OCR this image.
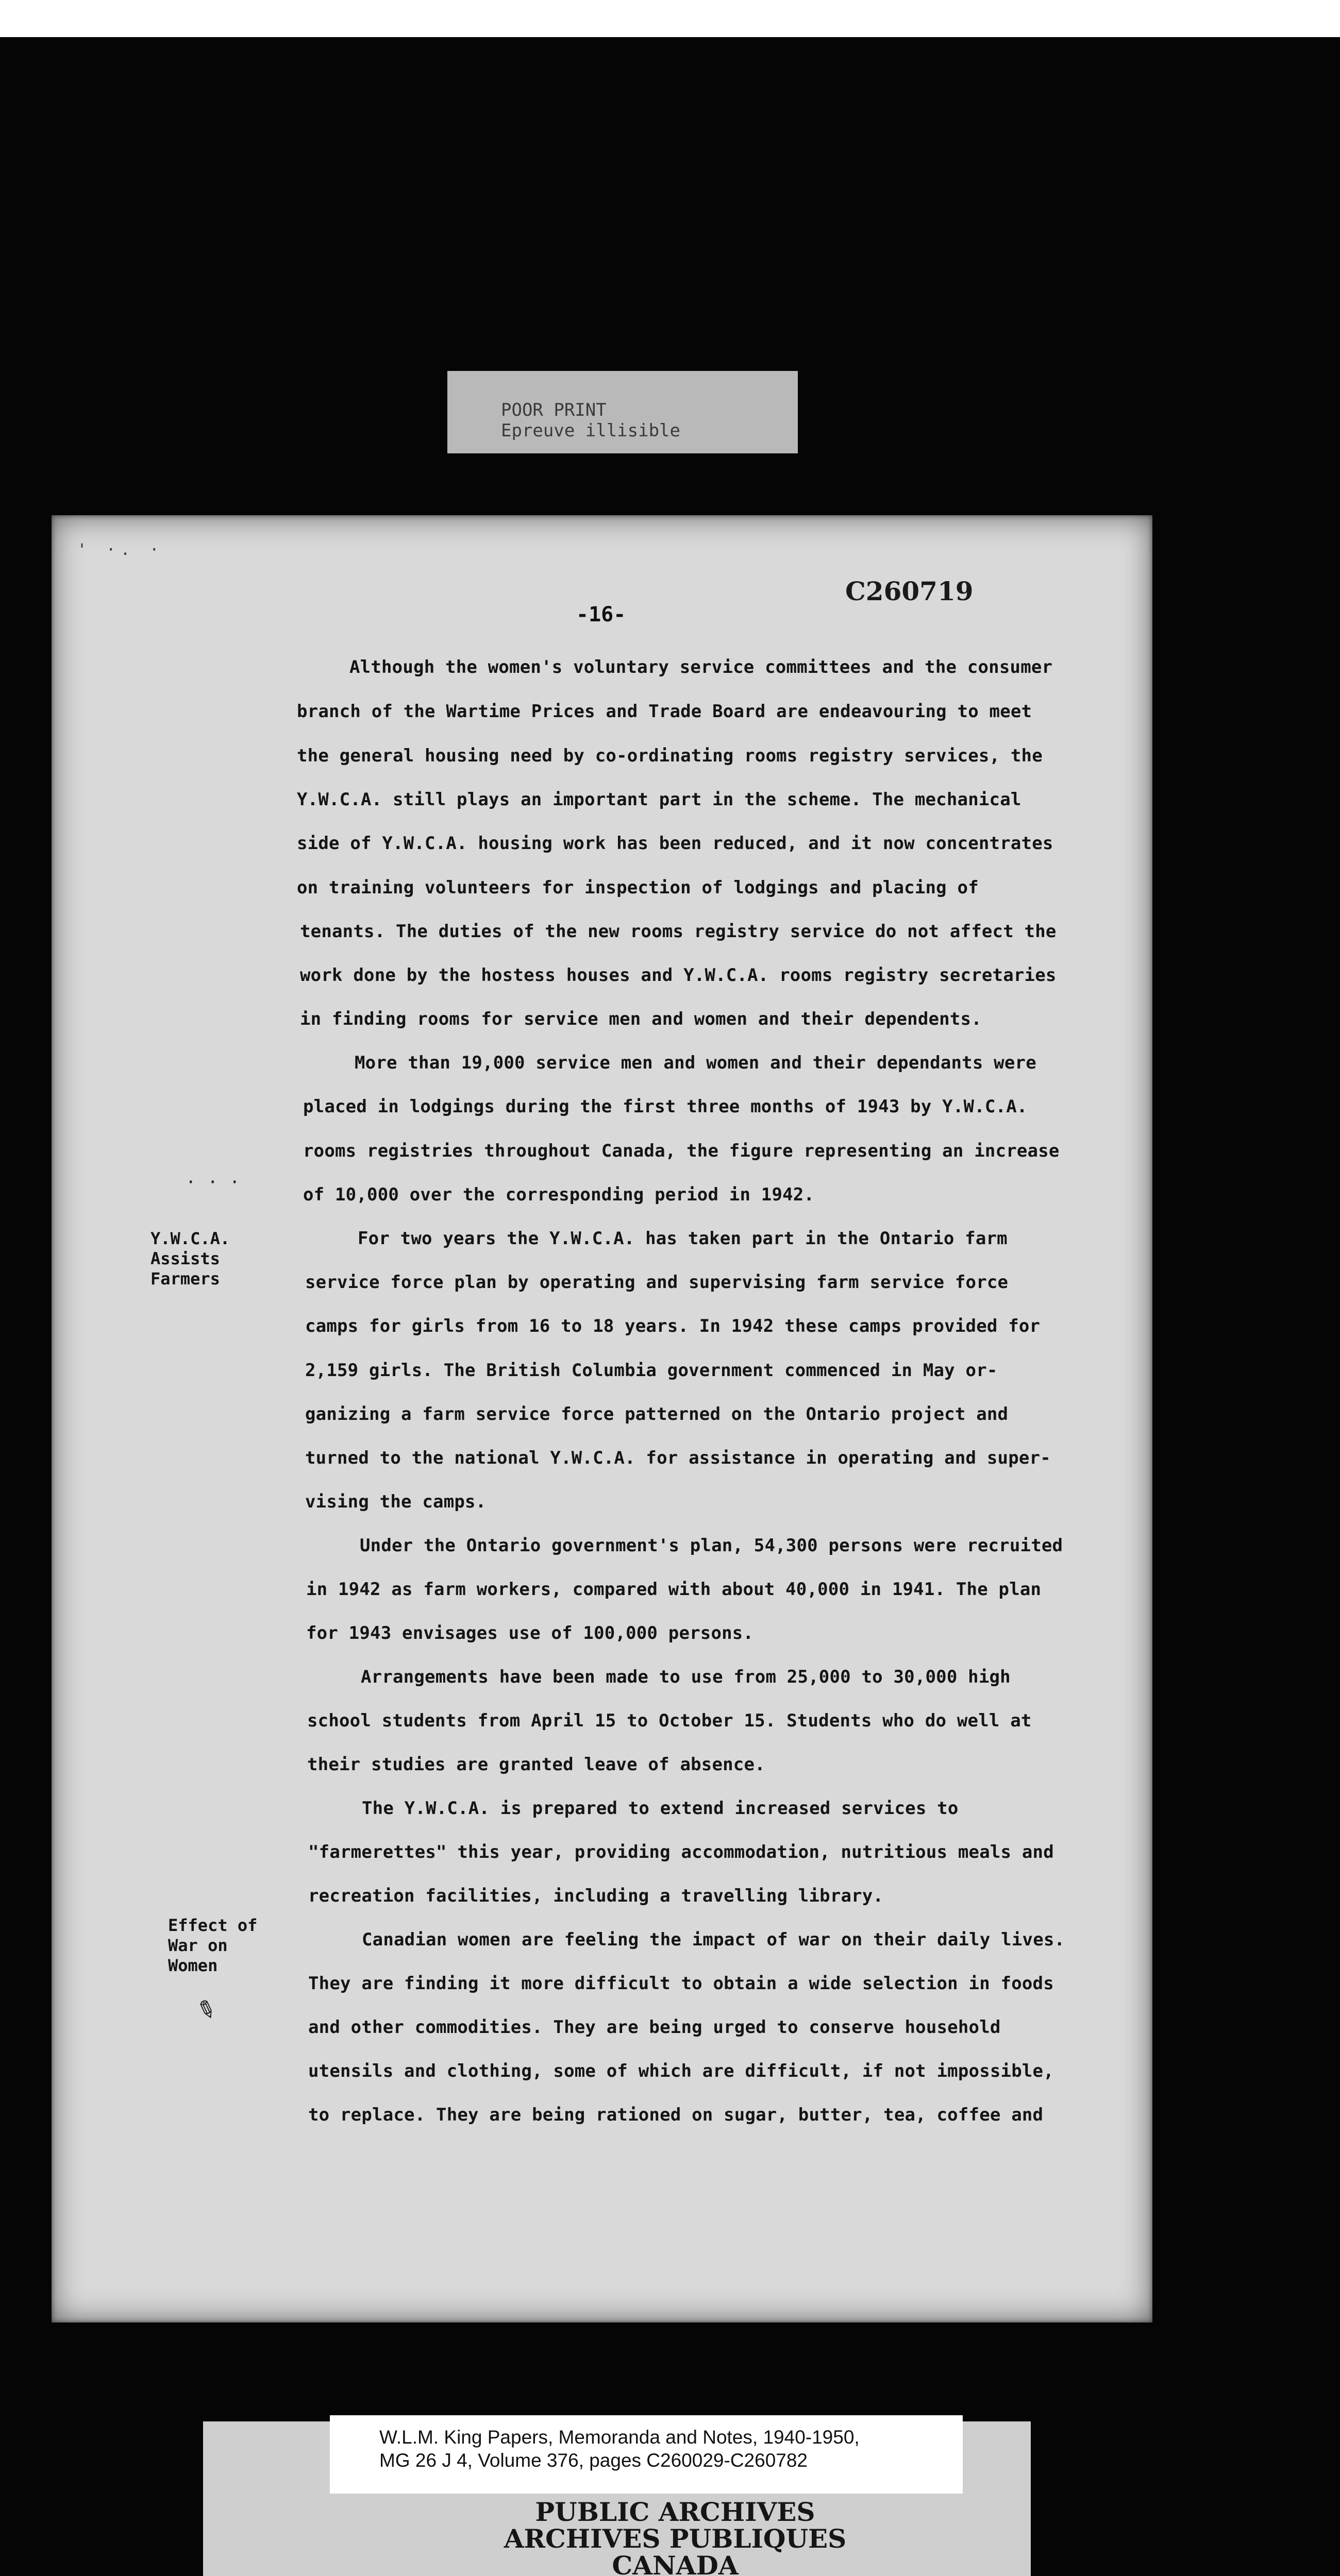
POOR PRINT
Epreuve illisible
' ·. ·
C260719
-16-
···
Y.W.C.A.
Assists
Farmers
Effect of
War on
Women
✎
Although the women's voluntary service committees and the consumer
branch of the Wartime Prices and Trade Board are endeavouring to meet
the general housing need by co-ordinating rooms registry services, the
Y.W.C.A. still plays an important part in the scheme. The mechanical
side of Y.W.C.A. housing work has been reduced, and it now concentrates
on training volunteers for inspection of lodgings and placing of
tenants. The duties of the new rooms registry service do not affect the
work done by the hostess houses and Y.W.C.A. rooms registry secretaries
in finding rooms for service men and women and their dependents.
More than 19,000 service men and women and their dependants were
placed in lodgings during the first three months of 1943 by Y.W.C.A.
rooms registries throughout Canada, the figure representing an increase
of 10,000 over the corresponding period in 1942.
For two years the Y.W.C.A. has taken part in the Ontario farm
service force plan by operating and supervising farm service force
camps for girls from 16 to 18 years. In 1942 these camps provided for
2,159 girls. The British Columbia government commenced in May or-
ganizing a farm service force patterned on the Ontario project and
turned to the national Y.W.C.A. for assistance in operating and super-
vising the camps.
Under the Ontario government's plan, 54,300 persons were recruited
in 1942 as farm workers, compared with about 40,000 in 1941. The plan
for 1943 envisages use of 100,000 persons.
Arrangements have been made to use from 25,000 to 30,000 high
school students from April 15 to October 15. Students who do well at
their studies are granted leave of absence.
The Y.W.C.A. is prepared to extend increased services to
"farmerettes" this year, providing accommodation, nutritious meals and
recreation facilities, including a travelling library.
Canadian women are feeling the impact of war on their daily lives.
They are finding it more difficult to obtain a wide selection in foods
and other commodities. They are being urged to conserve household
utensils and clothing, some of which are difficult, if not impossible,
to replace. They are being rationed on sugar, butter, tea, coffee and
W.L.M. King Papers, Memoranda and Notes, 1940-1950,
MG 26 J 4, Volume 376, pages C260029-C260782
PUBLIC ARCHIVES
ARCHIVES PUBLIQUES
CANADA
